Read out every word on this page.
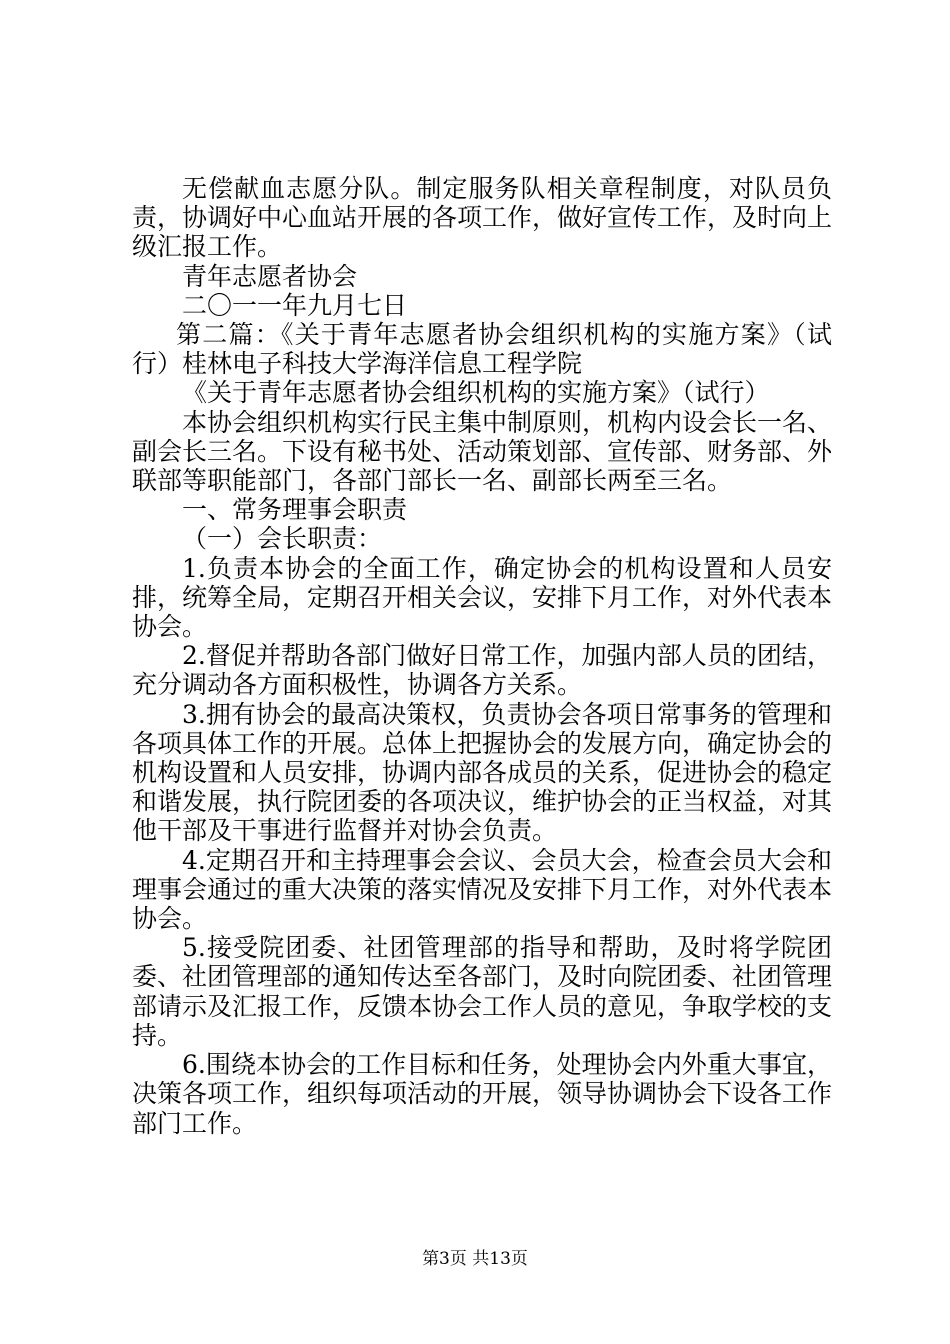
无偿献血志愿分队。制定服务队相关章程制度，对队员负责，协调好中心血站开展的各项工作，做好宣传工作，及时向上级汇报工作。

青年志愿者协会

二〇一一年九月七日

第二篇：《关于青年志愿者协会组织机构的实施方案》（试行）桂林电子科技大学海洋信息工程学院

《关于青年志愿者协会组织机构的实施方案》（试行）

本协会组织机构实行民主集中制原则，机构内设会长一名、副会长三名。下设有秘书处、活动策划部、宣传部、财务部、外联部等职能部门，各部门部长一名、副部长两至三名。

一、常务理事会职责

（一）会长职责：

1.负责本协会的全面工作，确定协会的机构设置和人员安排，统筹全局，定期召开相关会议，安排下月工作，对外代表本协会。

2.督促并帮助各部门做好日常工作，加强内部人员的团结，充分调动各方面积极性，协调各方关系。

3.拥有协会的最高决策权，负责协会各项日常事务的管理和各项具体工作的开展。总体上把握协会的发展方向，确定协会的机构设置和人员安排，协调内部各成员的关系，促进协会的稳定和谐发展，执行院团委的各项决议，维护协会的正当权益，对其他干部及干事进行监督并对协会负责。

4.定期召开和主持理事会会议、会员大会，检查会员大会和理事会通过的重大决策的落实情况及安排下月工作，对外代表本协会。

5.接受院团委、社团管理部的指导和帮助，及时将学院团委、社团管理部的通知传达至各部门，及时向院团委、社团管理部请示及汇报工作，反馈本协会工作人员的意见，争取学校的支持。

6.围绕本协会的工作目标和任务，处理协会内外重大事宜，决策各项工作，组织每项活动的开展，领导协调协会下设各工作部门工作。

第3页 共13页
